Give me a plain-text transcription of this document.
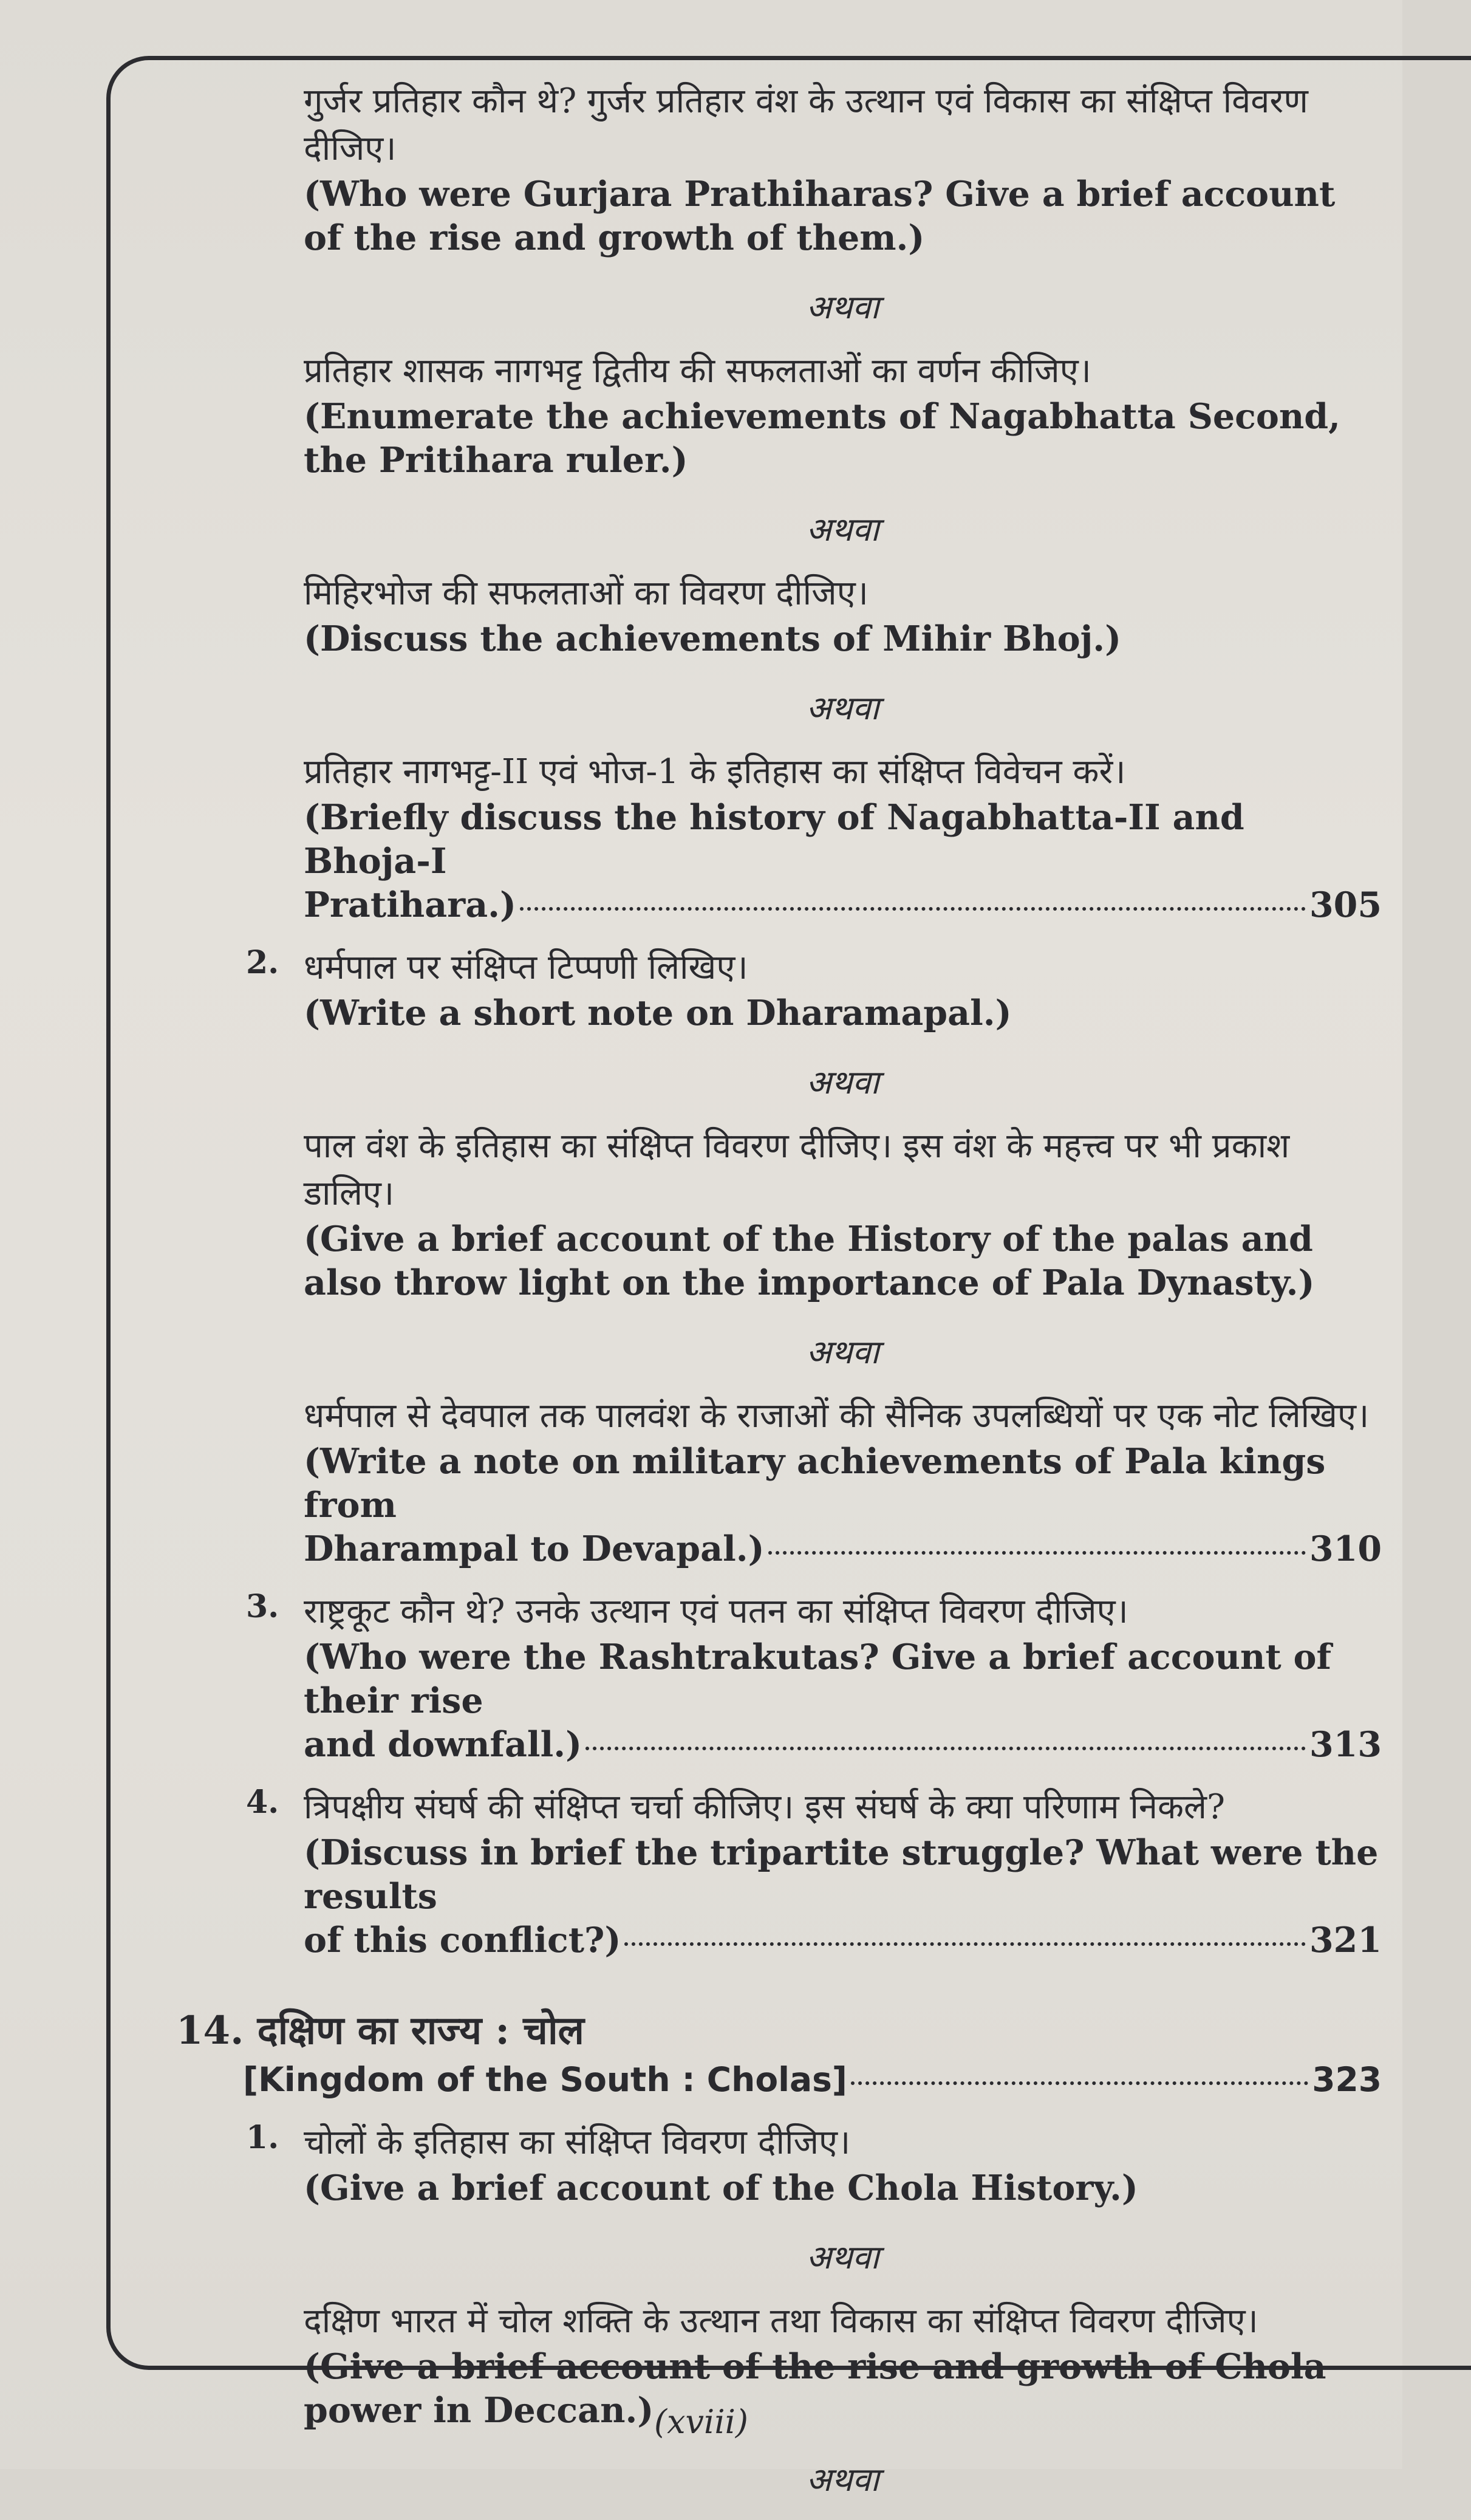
गुर्जर प्रतिहार कौन थे? गुर्जर प्रतिहार वंश के उत्थान एवं विकास का संक्षिप्त विवरण दीजिए।
(Who were Gurjara Prathiharas? Give a brief account of the rise and growth of them.)
अथवा
प्रतिहार शासक नागभट्ट द्वितीय की सफलताओं का वर्णन कीजिए।
(Enumerate the achievements of Nagabhatta Second, the Pritihara ruler.)
अथवा
मिहिरभोज की सफलताओं का विवरण दीजिए।
(Discuss the achievements of Mihir Bhoj.)
अथवा
प्रतिहार नागभट्ट-II एवं भोज-1 के इतिहास का संक्षिप्त विवेचन करें।
(Briefly discuss the history of Nagabhatta-II and Bhoja-I
Pratihara.)	305
2. धर्मपाल पर संक्षिप्त टिप्पणी लिखिए।
(Write a short note on Dharamapal.)
अथवा
पाल वंश के इतिहास का संक्षिप्त विवरण दीजिए। इस वंश के महत्त्व पर भी प्रकाश डालिए।
(Give a brief account of the History of the palas and also throw light on the importance of Pala Dynasty.)
अथवा
धर्मपाल से देवपाल तक पालवंश के राजाओं की सैनिक उपलब्धियों पर एक नोट लिखिए।
(Write a note on military achievements of Pala kings from
Dharampal to Devapal.)	310
3. राष्ट्रकूट कौन थे? उनके उत्थान एवं पतन का संक्षिप्त विवरण दीजिए।
(Who were the Rashtrakutas? Give a brief account of their rise
and downfall.)	313
4. त्रिपक्षीय संघर्ष की संक्षिप्त चर्चा कीजिए। इस संघर्ष के क्या परिणाम निकले?
(Discuss in brief the tripartite struggle? What were the results
of this conflict?)	321
14. दक्षिण का राज्य : चोल
[Kingdom of the South : Cholas]	323
1. चोलों के इतिहास का संक्षिप्त विवरण दीजिए।
(Give a brief account of the Chola History.)
अथवा
दक्षिण भारत में चोल शक्ति के उत्थान तथा विकास का संक्षिप्त विवरण दीजिए।
(Give a brief account of the rise and growth of Chola power in Deccan.)
अथवा
(xviii)
